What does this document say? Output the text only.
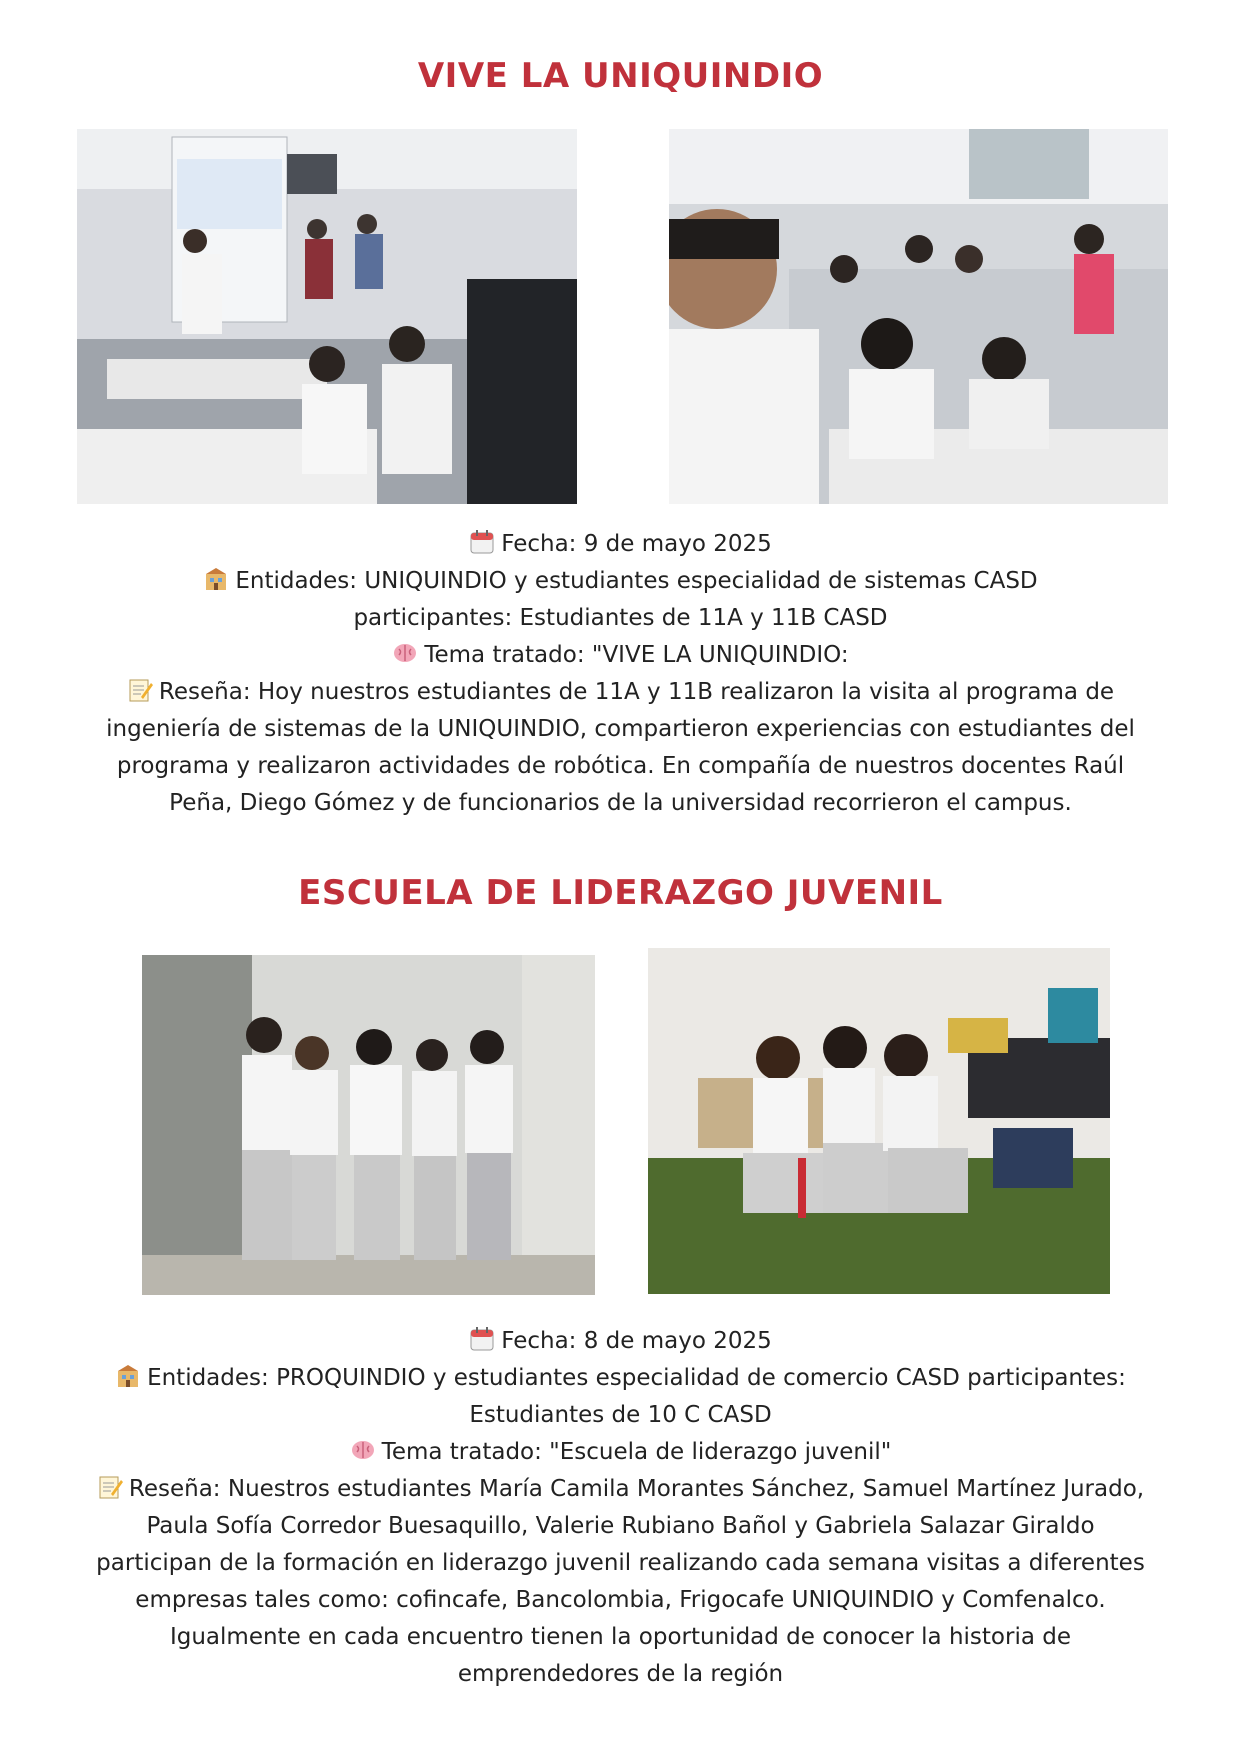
VIVE LA UNIQUINDIO

Fecha: 9 de mayo 2025

Entidades: UNIQUINDIO y estudiantes especialidad de sistemas CASD

participantes: Estudiantes de 11A y 11B CASD

Tema tratado: "VIVE LA UNIQUINDIO:

Reseña: Hoy nuestros estudiantes de 11A y 11B realizaron la visita al programa de

ingeniería de sistemas de la UNIQUINDIO, compartieron experiencias con estudiantes del

programa y realizaron actividades de robótica. En compañía de nuestros docentes Raúl

Peña, Diego Gómez y de funcionarios de la universidad recorrieron el campus.

ESCUELA DE LIDERAZGO JUVENIL

Fecha: 8 de mayo 2025

Entidades: PROQUINDIO y estudiantes especialidad de comercio CASD participantes:

Estudiantes de 10 C CASD

Tema tratado: "Escuela de liderazgo juvenil"

Reseña: Nuestros estudiantes María Camila Morantes Sánchez, Samuel Martínez Jurado,

Paula Sofía Corredor Buesaquillo, Valerie Rubiano Bañol y Gabriela Salazar Giraldo

participan de la formación en liderazgo juvenil realizando cada semana visitas a diferentes

empresas tales como: cofincafe, Bancolombia, Frigocafe UNIQUINDIO y Comfenalco.

Igualmente en cada encuentro tienen la oportunidad de conocer la historia de

emprendedores de la región
